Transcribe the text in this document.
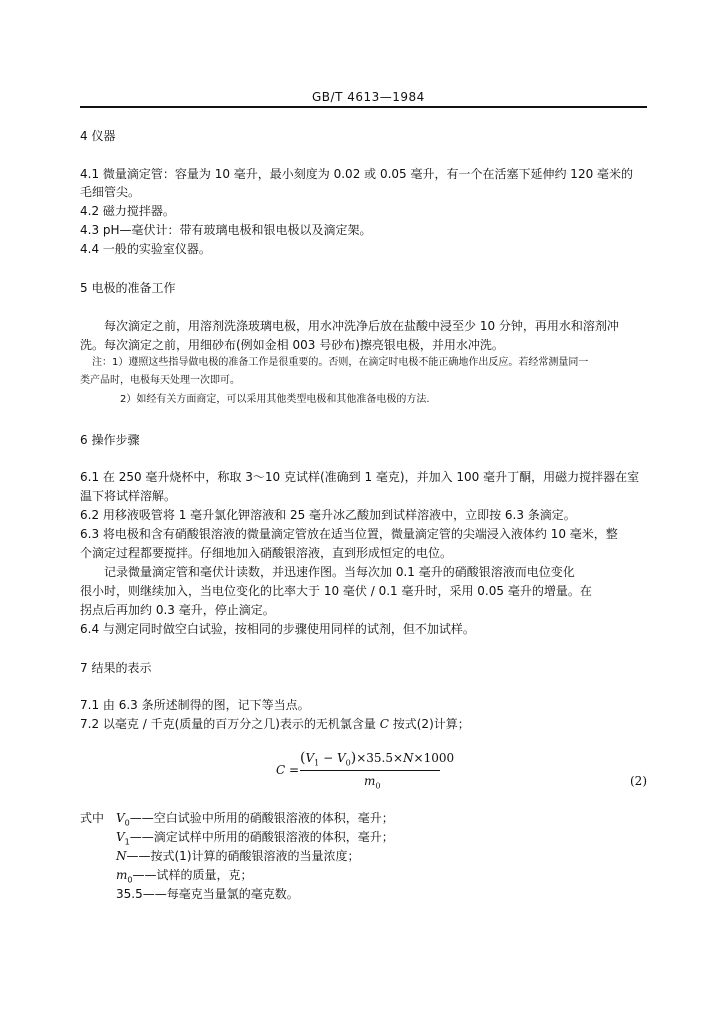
GB/T 4613—1984
4 仪器
4.1 微量滴定管：容量为 10 毫升，最小刻度为 0.02 或 0.05 毫升，有一个在活塞下延伸约 120 毫米的
毛细管尖。
4.2 磁力搅拌器。
4.3 pH—毫伏计：带有玻璃电极和银电极以及滴定架。
4.4 一般的实验室仪器。
5 电极的准备工作
每次滴定之前，用溶剂洗涤玻璃电极，用水冲洗净后放在盐酸中浸至少 10 分钟，再用水和溶剂冲
洗。每次滴定之前，用细砂布(例如金相 003 号砂布)擦亮银电极，并用水冲洗。
注：1）遵照这些指导做电极的准备工作是很重要的。否则，在滴定时电极不能正确地作出反应。若经常测量同一
类产品时，电极每天处理一次即可。
2）如经有关方面商定，可以采用其他类型电极和其他准备电极的方法.
6 操作步骤
6.1 在 250 毫升烧杯中，称取 3～10 克试样(准确到 1 毫克)，并加入 100 毫升丁酮，用磁力搅拌器在室
温下将试样溶解。
6.2 用移液吸管将 1 毫升氯化钾溶液和 25 毫升冰乙酸加到试样溶液中，立即按 6.3 条滴定。
6.3 将电极和含有硝酸银溶液的微量滴定管放在适当位置，微量滴定管的尖端浸入液体约 10 毫米，整
个滴定过程都要搅拌。仔细地加入硝酸银溶液，直到形成恒定的电位。
记录微量滴定管和毫伏计读数，并迅速作图。当每次加 0.1 毫升的硝酸银溶液而电位变化
很小时，则继续加入，当电位变化的比率大于 10 毫伏 / 0.1 毫升时，采用 0.05 毫升的增量。在
拐点后再加约 0.3 毫升，停止滴定。
6.4 与测定同时做空白试验，按相同的步骤使用同样的试剂，但不加试样。
7 结果的表示
7.1 由 6.3 条所述制得的图，记下等当点。
7.2 以毫克 / 千克(质量的百万分之几)表示的无机氯含量 C 按式(2)计算；
C =
$(V_1 - V_0)\times 35.5\times N\times 1000$
$m_0$	(2)
式中 $V_0——$空白试验中所用的硝酸银溶液的体积，毫升；
$V_1——$滴定试样中所用的硝酸银溶液的体积，毫升；
N——按式(1)计算的硝酸银溶液的当量浓度；
$m_0——$试样的质量，克；
35.5——每毫克当量氯的毫克数。
